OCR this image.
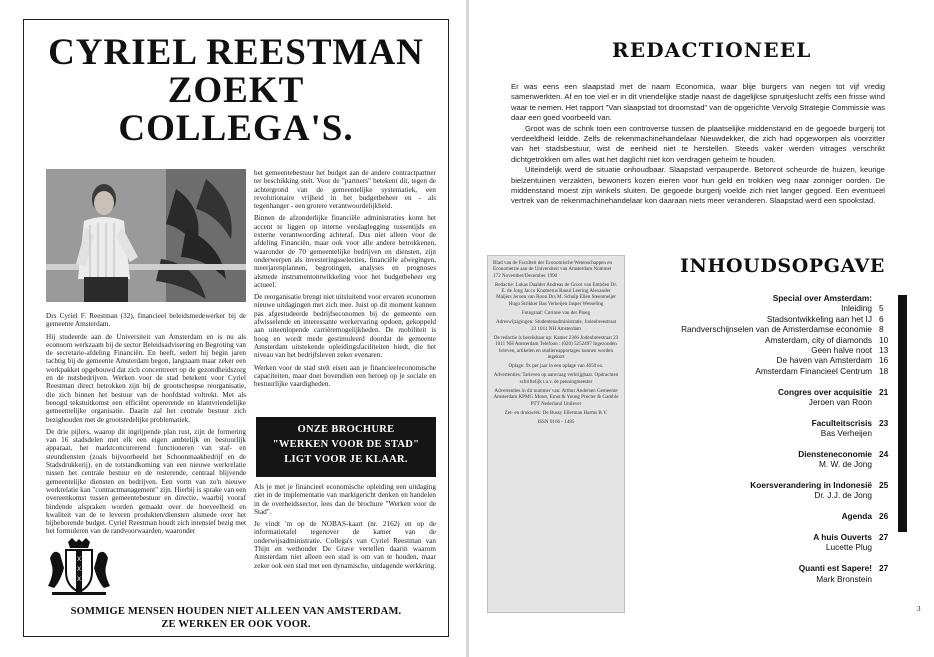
CYRIEL REESTMAN
ZOEKT
COLLEGA'S.

Drs Cyriel F. Reestman (32), financieel beleidsmedewerker bij de gemeente Amsterdam.

Hij studeerde aan de Universiteit van Amsterdam en is nu als econoom werkzaam bij de sector Beleidsadvisering en Begroting van de secretarie-afdeling Financiën. En heeft, sedert hij begin jaren tachtig bij de gemeente Amsterdam begon, langzaam maar zeker een werkpakket opgebouwd dat zich concentreert op de gezondheidszorg en de nutsbedrijven. Werken voor de stad betekent voor Cyriel Reestman direct betrokken zijn bij de grootscheepse reorganisatie, die zich binnen het bestuur van de hoofdstad voltrekt. Met als beoogd tekstuitkomst een efficiënt opererende en klantvriendelijke gemeentelijke organisatie. Daarin zal het centrale bestuur zich bezighouden met de grootstedelijke problematiek.

De drie pijlers, waarop dit ingrijpende plan rust, zijn de formering van 16 stadsdelen met elk een eigen ambtelijk en bestuurlijk apparaat, het marktconcurrerend functioneren van staf- en steundiensten (zoals bijvoorbeeld het Schoonmaakbedrijf en de Stadsdrukkerij), en de totstandkoming van een nieuwe werkrelatie tussen het centrale bestuur en de resterende, centraal blijvende gemeentelijke diensten en bedrijven. Een vorm van zo'n nieuwe werkrelatie kan "contractmanagement" zijn. Hierbij is sprake van een overeenkomst tussen gemeentebestuur en directie, waarbij vooraf bindende afspraken worden gemaakt over de hoeveelheid en kwaliteit van de te leveren produkten/diensten alsmede over het bijbehorende budget. Cyriel Reestman houdt zich intensief bezig met het formuleren van de randvoorwaarden, waaronder

het gemeentebestuur het budget aan de andere contractpartner ter beschikking stelt. Voor de "partners" betekent dit, tegen de achtergrond van de gemeentelijke systematiek, een revolutionaire vrijheid in het budgetbeheer en - als tegenhanger - een grotere verantwoordelijkheid.

Binnen de afzonderlijke financiële administraties komt het accent te liggen op interne verslaglegging tussentijds en externe verantwoording achteraf. Dus niet alleen voor de afdeling Financiën, maar ook voor alle andere betrokkenen, waaronder de 70 gemeentelijke bedrijven en diensten, zijn onderwerpen als investeringsselecties, financiële afwegingen, meerjarenplannen, begrotingen, analyses en prognoses alsmede instrumentontwikkeling voor het budgetbeheer erg actueel.

De reorganisatie brengt niet uitsluitend voor ervaren economen nieuwe uitdagingen met zich mee. Juist op dit moment kunnen pas afgestudeerde bedrijfseconomen bij de gemeente een afwisselende en interessante werkervaring opdoen, gekoppeld aan uiteenlopende carrièremogelijkheden. De mobiliteit is hoog en wordt mede gestimuleerd doordat de gemeente Amsterdam uitstekende opleidingsfaciliteiten biedt, die het niveau van het bedrijfsleven zeker evenaren.

Werken voor de stad stelt eisen aan je financieeleconomische capaciteiten, maar doet bovendien een beroep op je sociale en bestuurlijke vaardigheden.

ONZE BROCHURE
"WERKEN VOOR DE STAD"
LIGT VOOR JE KLAAR.

Als je met je financieel economische opleiding een uitdaging ziet in de implementatie van marktgericht denken en handelen in de overheidssector, lees dan de brochure "Werken voor de Stad".

Je vindt 'm op de NOBAS-kaart (nr. 2162) en op de informatietafel tegenover de kamer van de onderwijsadministratie. Collega's van Cyriel Reestman van Thijn en wethouder De Grave vertellen daarin waarom Amsterdam niet alleen een stad is om van te houden, maar zeker ook een stad met een dynamische, uitdagende werkkring.

X
X
X
SOMMIGE MENSEN HOUDEN NIET ALLEEN VAN AMSTERDAM.
ZE WERKEN ER OOK VOOR.
REDACTIONEEL

Er was eens een slaapstad met de naam Economica, waar blije burgers van negen tot vijf vredig samenwerkten. Af en toe viel er in dit vriendelijke stadje naast de dagelijkse spruitjeslucht zelfs een frisse wind waar te nemen. Het rapport "Van slaapstad tot droomstad" van de opgerichte Vervolg Strategie Commissie was daar een goed voorbeeld van.

Groot was de schrik toen een controverse tussen de plaatselijke middenstand en de gegoede burgerij tot verdeeldheid leidde. Zelfs de rekenmachinehandelaar Nieuwdekker, die zich had opgeworpen als voorzitter van het stadsbestuur, wist de eenheid niet te herstellen. Steeds vaker werden vitrages verschrikt dichtgetrokken om alles wat het daglicht niet kon verdragen geheim te houden.

Uiteindelijk werd de situatie onhoudbaar. Slaapstad verpauperde. Betonrot scheurde de huizen, keurige bielzentuinen verzakten, bewoners kozen eieren voor hun geld en trokken weg naar zonniger oorden. De middenstand moest zijn winkels sluiten. De gegoede burgerij voelde zich niet langer gegoed. Een eventueel vertrek van de rekenmachinehandelaar kon daaraan niets meer veranderen. Slaapstad werd een spookstad.

Blad van de Faculteit der Economische Wetenschappen en Econometrie aan de Universiteit van Amsterdam Nummer 172 November/December 1990
Redactie: Lukas Daalder Andreas de Groot van Embden Dr. E. de Jong Jacco Knotnerus Raoul Leering Alexander Maijers Jeroen van Roon Drs M. Schulp Ellen Steenmeijer Hugo Strikker Bas Verheijen Jasper Wesseling
Fotograaf: Corinne van der Ploeg
Adreswijzigingen: Studentenadministratie, Jodenbreestraat 23 1011 NH Amsterdam
De redactie is bereikbaar op: Kamer 2366 Jodenbreestraat 23 1011 NH Amsterdam Telefoon : (020) 5252497 Ingezonden brieven, artikelen en studiereapportages kunnen worden ingekort
Oplage: 9x per jaar in een oplage van 4650 ex.
Advertenties: Tarieven op aanvraag verkrijgbaar. Opdrachten schriftelijk t.a.v. de penningmeester
Advertenties in dit nummer van: Arthur Andersen Gemeente Amsterdam KPMG Moret, Ernst & Young Procter & Gamble PTT Nederland Unilever
Zet- en drukwerk: De Bussy Ellerman Harms B.V.
ISSN 0166 - 1485
INHOUDSOPGAVE
Special over Amsterdam:
Inleiding 5
Stadsontwikkeling aan het IJ 6
Randverschijnselen van de Amsterdamse economie 8
Amsterdam, city of diamonds 10
Geen halve noot 13
De haven van Amsterdam 16
Amsterdam Financieel Centrum 18
Congres over acquisitie 21
Jeroen van Roon
Faculteitscrisis 23
Bas Verheijen
Diensteneconomie 24
M. W. de Jong
Koersverandering in Indonesië 25
Dr. J.J. de Jong
Agenda 26
A huis Ouverts 27
Lucette Plug
Quanti est Sapere! 27
Mark Bronstein
3
